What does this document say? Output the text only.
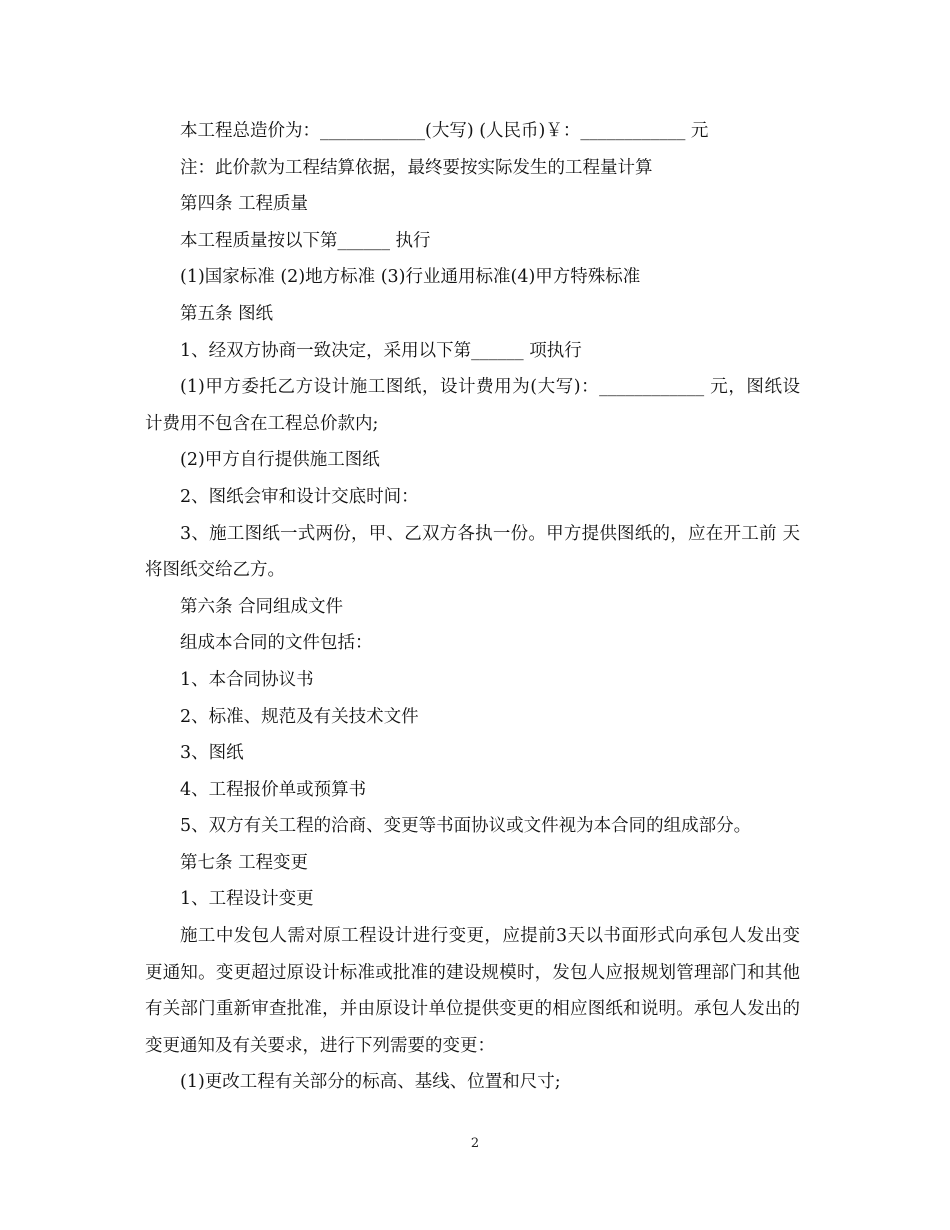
本工程总造价为：____________(大写) (人民币)￥：____________ 元

注：此价款为工程结算依据，最终要按实际发生的工程量计算

第四条 工程质量

本工程质量按以下第______ 执行

(1)国家标准 (2)地方标准 (3)行业通用标准(4)甲方特殊标准

第五条 图纸

1、经双方协商一致决定，采用以下第______ 项执行

(1)甲方委托乙方设计施工图纸，设计费用为(大写)：____________ 元，图纸设计费用不包含在工程总价款内;

(2)甲方自行提供施工图纸

2、图纸会审和设计交底时间：

3、施工图纸一式两份，甲、乙双方各执一份。甲方提供图纸的，应在开工前 天将图纸交给乙方。

第六条 合同组成文件

组成本合同的文件包括：

1、本合同协议书

2、标准、规范及有关技术文件

3、图纸

4、工程报价单或预算书

5、双方有关工程的洽商、变更等书面协议或文件视为本合同的组成部分。

第七条 工程变更

1、工程设计变更

施工中发包人需对原工程设计进行变更，应提前3天以书面形式向承包人发出变更通知。变更超过原设计标准或批准的建设规模时，发包人应报规划管理部门和其他有关部门重新审查批准，并由原设计单位提供变更的相应图纸和说明。承包人发出的变更通知及有关要求，进行下列需要的变更：

(1)更改工程有关部分的标高、基线、位置和尺寸;

2
